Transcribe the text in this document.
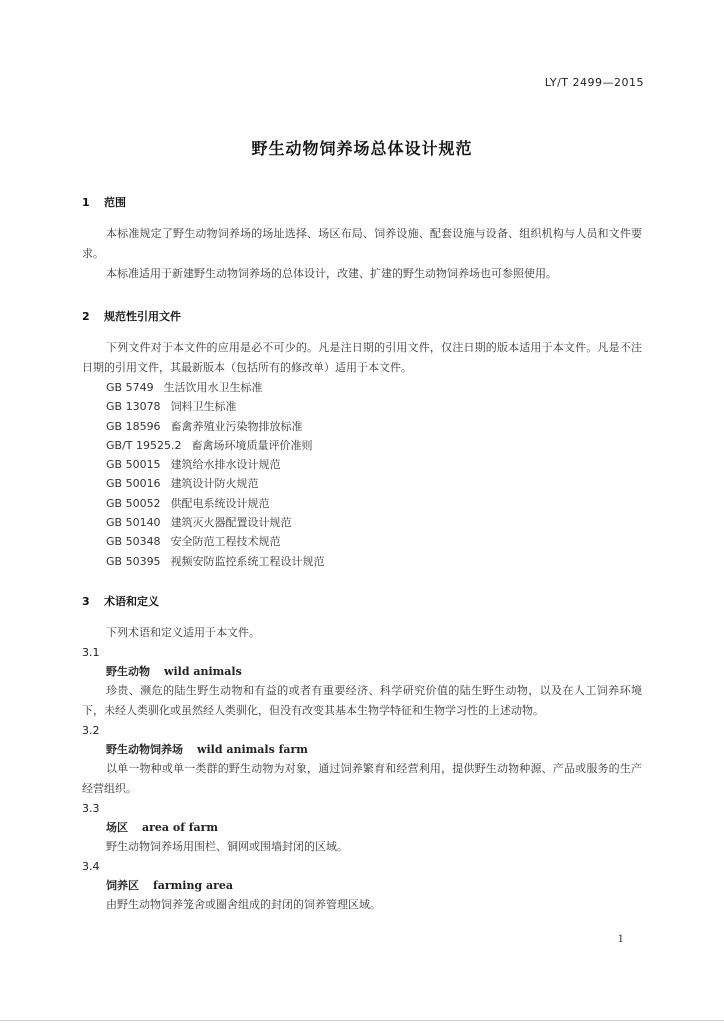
LY/T 2499—2015
野生动物饲养场总体设计规范
1 范围

本标准规定了野生动物饲养场的场址选择、场区布局、饲养设施、配套设施与设备、组织机构与人员和文件要求。

本标准适用于新建野生动物饲养场的总体设计，改建、扩建的野生动物饲养场也可参照使用。

2 规范性引用文件

下列文件对于本文件的应用是必不可少的。凡是注日期的引用文件，仅注日期的版本适用于本文件。凡是不注日期的引用文件，其最新版本（包括所有的修改单）适用于本文件。

GB 5749 生活饮用水卫生标准
GB 13078 饲料卫生标准
GB 18596 畜禽养殖业污染物排放标准
GB/T 19525.2 畜禽场环境质量评价准则
GB 50015 建筑给水排水设计规范
GB 50016 建筑设计防火规范
GB 50052 供配电系统设计规范
GB 50140 建筑灭火器配置设计规范
GB 50348 安全防范工程技术规范
GB 50395 视频安防监控系统工程设计规范
3 术语和定义

下列术语和定义适用于本文件。

3.1
野生动物 wild animals

珍贵、濒危的陆生野生动物和有益的或者有重要经济、科学研究价值的陆生野生动物，以及在人工饲养环境下，未经人类驯化或虽然经人类驯化，但没有改变其基本生物学特征和生物学习性的上述动物。

3.2
野生动物饲养场 wild animals farm

以单一物种或单一类群的野生动物为对象，通过饲养繁育和经营利用，提供野生动物种源、产品或服务的生产经营组织。

3.3
场区 area of farm

野生动物饲养场用围栏、铜网或围墙封闭的区域。

3.4
饲养区 farming area

由野生动物饲养笼舍或圈舍组成的封闭的饲养管理区域。

1
